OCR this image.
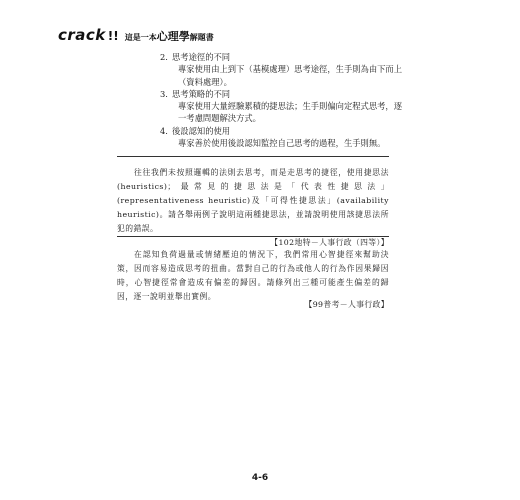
crack !! 這是一本心理學解題書
2. 思考途徑的不同
專家使用由上到下（基模處理）思考途徑，生手則為由下而上（資料處理）。
3. 思考策略的不同
專家使用大量經驗累積的捷思法；生手則偏向定程式思考，逐一考慮問題解決方式。
4. 後設認知的使用
專家善於使用後設認知監控自己思考的過程，生手則無。
往往我們未按照邏輯的法則去思考，而是走思考的捷徑，使用捷思法(heuristics)；最常見的捷思法是「代表性捷思法」(representativeness heuristic)及「可得性捷思法」(availability heuristic)。請各舉兩例子說明這兩種捷思法，並請說明使用該捷思法所犯的錯誤。
【102地特－人事行政（四等）】
在認知負荷過量或情緒壓迫的情況下，我們常用心智捷徑來幫助決策，因而容易造成思考的扭曲。當對自己的行為或他人的行為作因果歸因時，心智捷徑常會造成有偏差的歸因。請條列出三種可能產生偏差的歸因，逐一說明並舉出實例。
【99普考－人事行政】
4-6
